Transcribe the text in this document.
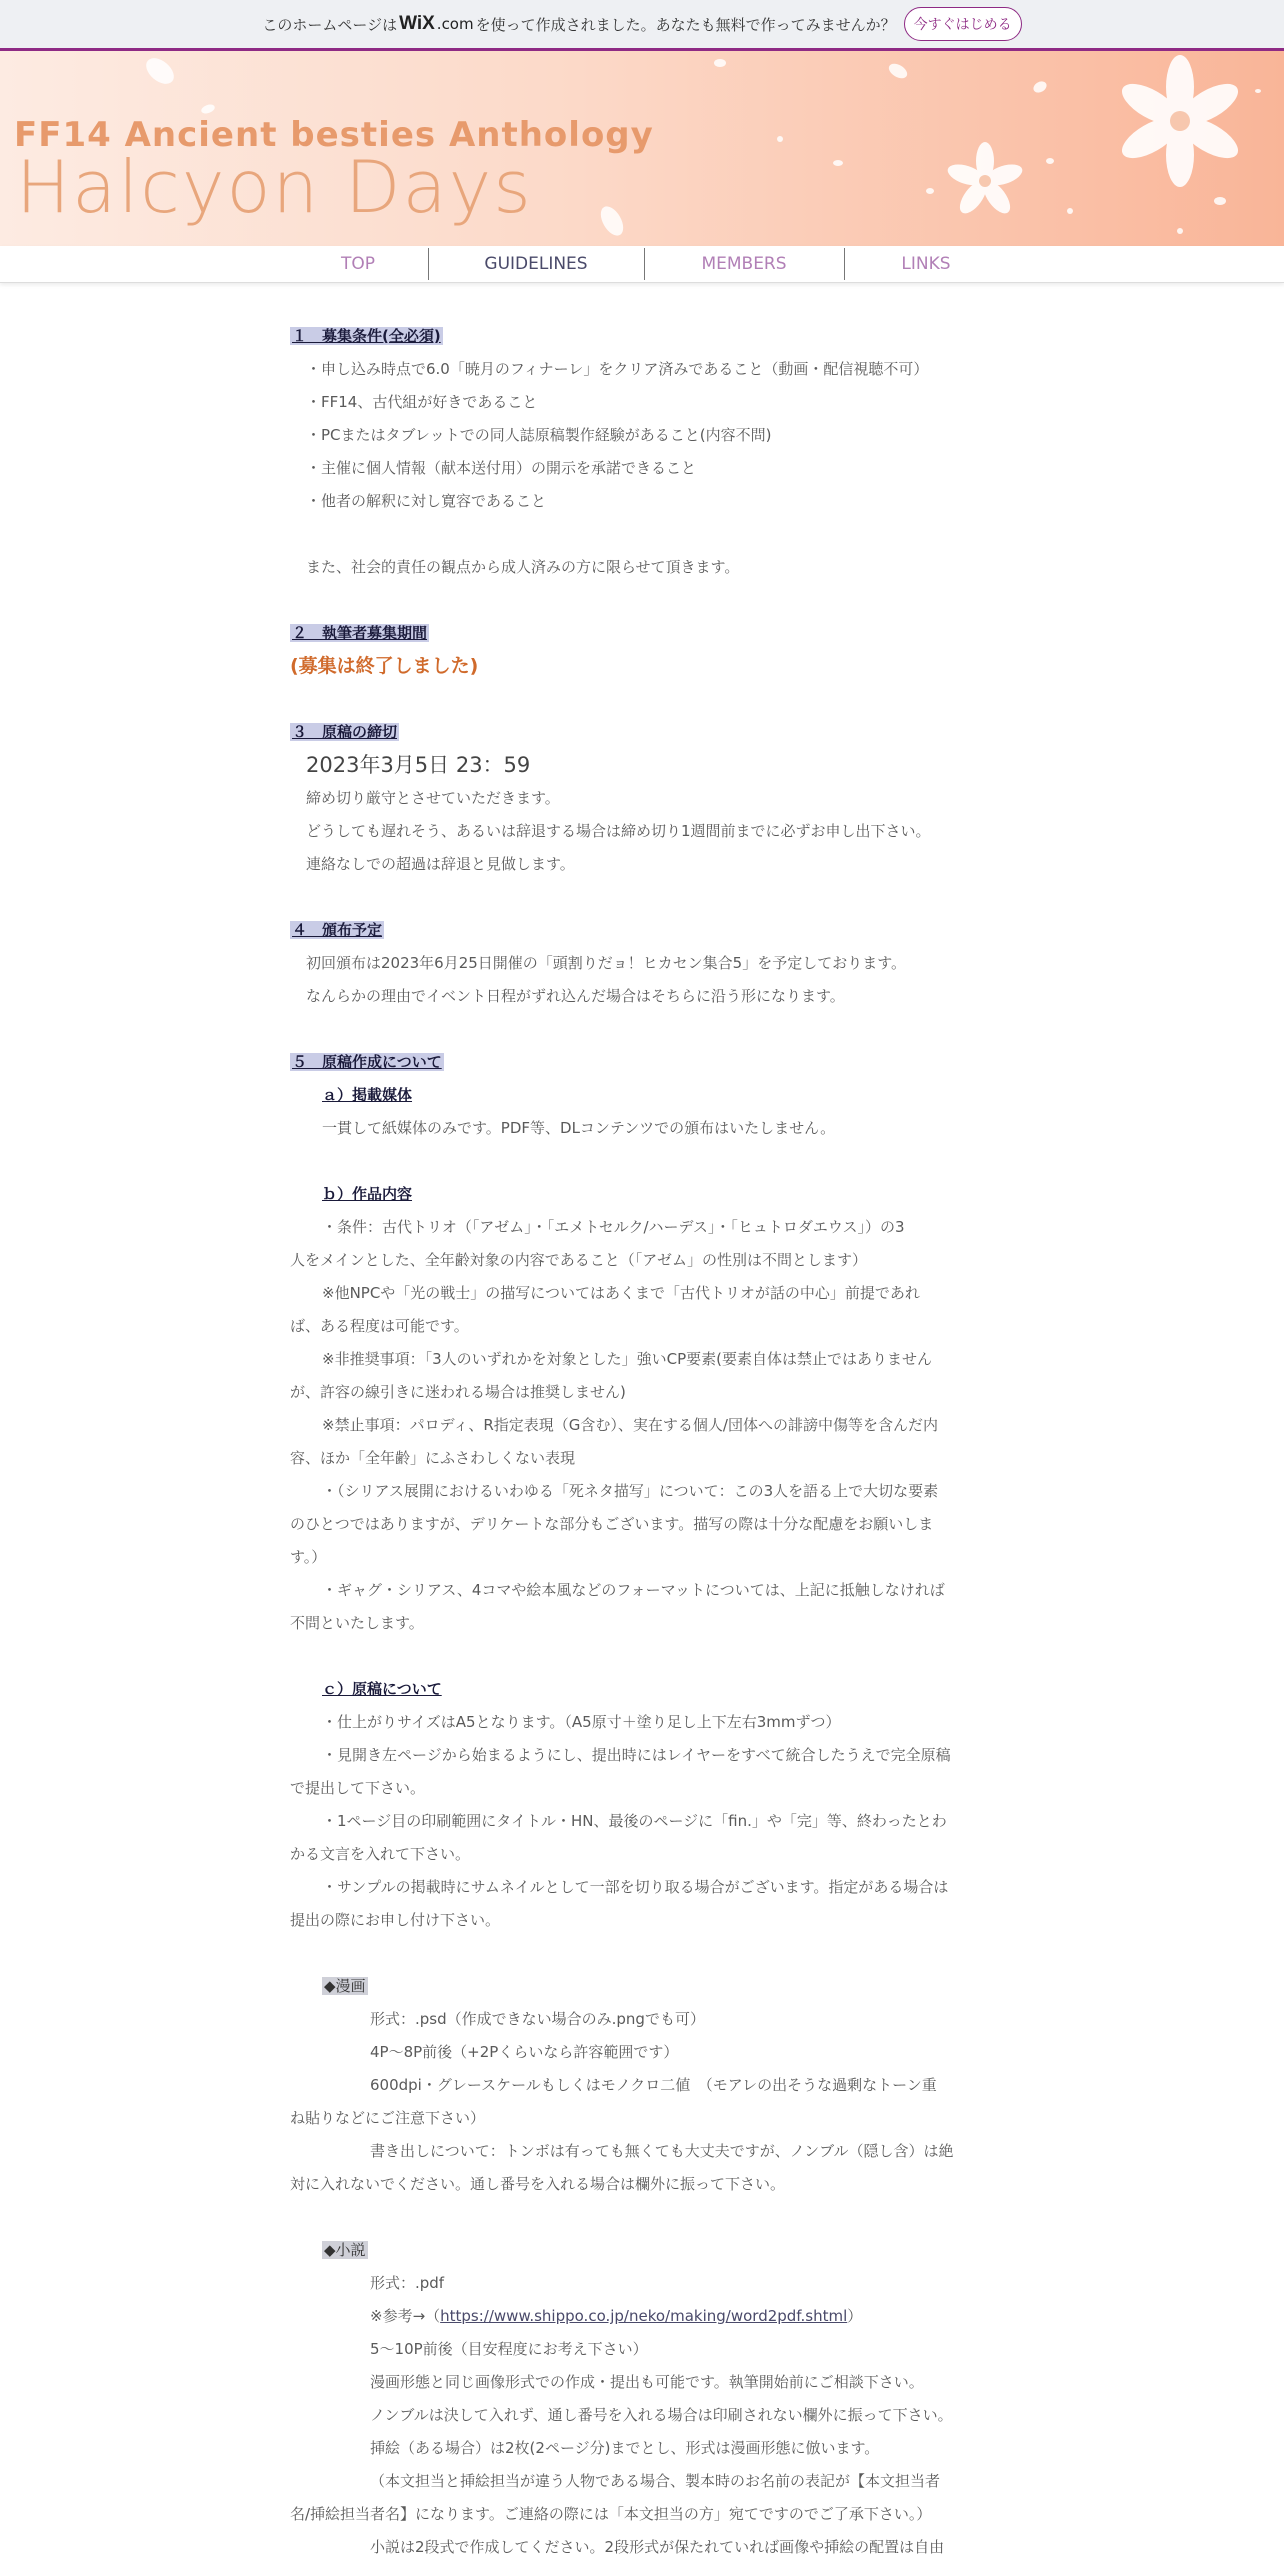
このホームページは WiX .com を使って作成されました。あなたも無料で作ってみませんか？	今すぐはじめる
FF14 Ancient besties Anthology
Halcyon Days
TOP	GUIDELINES	MEMBERS	LINKS
１　募集条件(全必須)
・申し込み時点で6.0「暁月のフィナーレ」をクリア済みであること（動画・配信視聴不可）
・FF14、古代組が好きであること
・PCまたはタブレットでの同人誌原稿製作経験があること(内容不問)
・主催に個人情報（献本送付用）の開示を承諾できること
・他者の解釈に対し寛容であること
また、社会的責任の観点から成人済みの方に限らせて頂きます。
２　執筆者募集期間
(募集は終了しました)
３　原稿の締切
2023年3月5日 23：59
締め切り厳守とさせていただきます。
どうしても遅れそう、あるいは辞退する場合は締め切り1週間前までに必ずお申し出下さい。
連絡なしでの超過は辞退と見做します。
４　頒布予定
初回頒布は2023年6月25日開催の「頭割りだョ！ヒカセン集合5」を予定しております。
なんらかの理由でイベント日程がずれ込んだ場合はそちらに沿う形になります。
５　原稿作成について
ａ）掲載媒体
一貫して紙媒体のみです。PDF等、DLコンテンツでの頒布はいたしません。
ｂ）作品内容
・条件：古代トリオ（「アゼム」・「エメトセルク/ハーデス」・「ヒュトロダエウス」）の3
人をメインとした、全年齢対象の内容であること（「アゼム」の性別は不問とします）
※他NPCや「光の戦士」の描写についてはあくまで「古代トリオが話の中心」前提であれ
ば、ある程度は可能です。
※非推奨事項：「3人のいずれかを対象とした」強いCP要素(要素自体は禁止ではありません
が、許容の線引きに迷われる場合は推奨しません)
※禁止事項：パロディ、R指定表現（G含む）、実在する個人/団体への誹謗中傷等を含んだ内
容、ほか「全年齢」にふさわしくない表現
・（シリアス展開におけるいわゆる「死ネタ描写」について：この3人を語る上で大切な要素
のひとつではありますが、デリケートな部分もございます。描写の際は十分な配慮をお願いしま
す。）
・ギャグ・シリアス、4コマや絵本風などのフォーマットについては、上記に抵触しなければ
不問といたします。
ｃ）原稿について
・仕上がりサイズはA5となります。（A5原寸＋塗り足し上下左右3mmずつ）
・見開き左ページから始まるようにし、提出時にはレイヤーをすべて統合したうえで完全原稿
で提出して下さい。
・1ページ目の印刷範囲にタイトル・HN、最後のページに「fin.」や「完」等、終わったとわ
かる文言を入れて下さい。
・サンプルの掲載時にサムネイルとして一部を切り取る場合がございます。指定がある場合は
提出の際にお申し付け下さい。
◆漫画
形式：.psd（作成できない場合のみ.pngでも可）
4P〜8P前後（+2Pくらいなら許容範囲です）
600dpi・グレースケールもしくはモノクロ二値　（モアレの出そうな過剰なトーン重
ね貼りなどにご注意下さい）
書き出しについて：トンボは有っても無くても大丈夫ですが、ノンブル（隠し含）は絶
対に入れないでください。通し番号を入れる場合は欄外に振って下さい。
◆小説
形式：.pdf
※参考→（https://www.shippo.co.jp/neko/making/word2pdf.shtml）
5〜10P前後（目安程度にお考え下さい）
漫画形態と同じ画像形式での作成・提出も可能です。執筆開始前にご相談下さい。
ノンブルは決して入れず、通し番号を入れる場合は印刷されない欄外に振って下さい。
挿絵（ある場合）は2枚(2ページ分)までとし、形式は漫画形態に倣います。
（本文担当と挿絵担当が違う人物である場合、製本時のお名前の表記が【本文担当者
名/挿絵担当者名】になります。ご連絡の際には「本文担当の方」宛てですのでご了承下さい。）
小説は2段式で作成してください。2段形式が保たれていれば画像や挿絵の配置は自由
